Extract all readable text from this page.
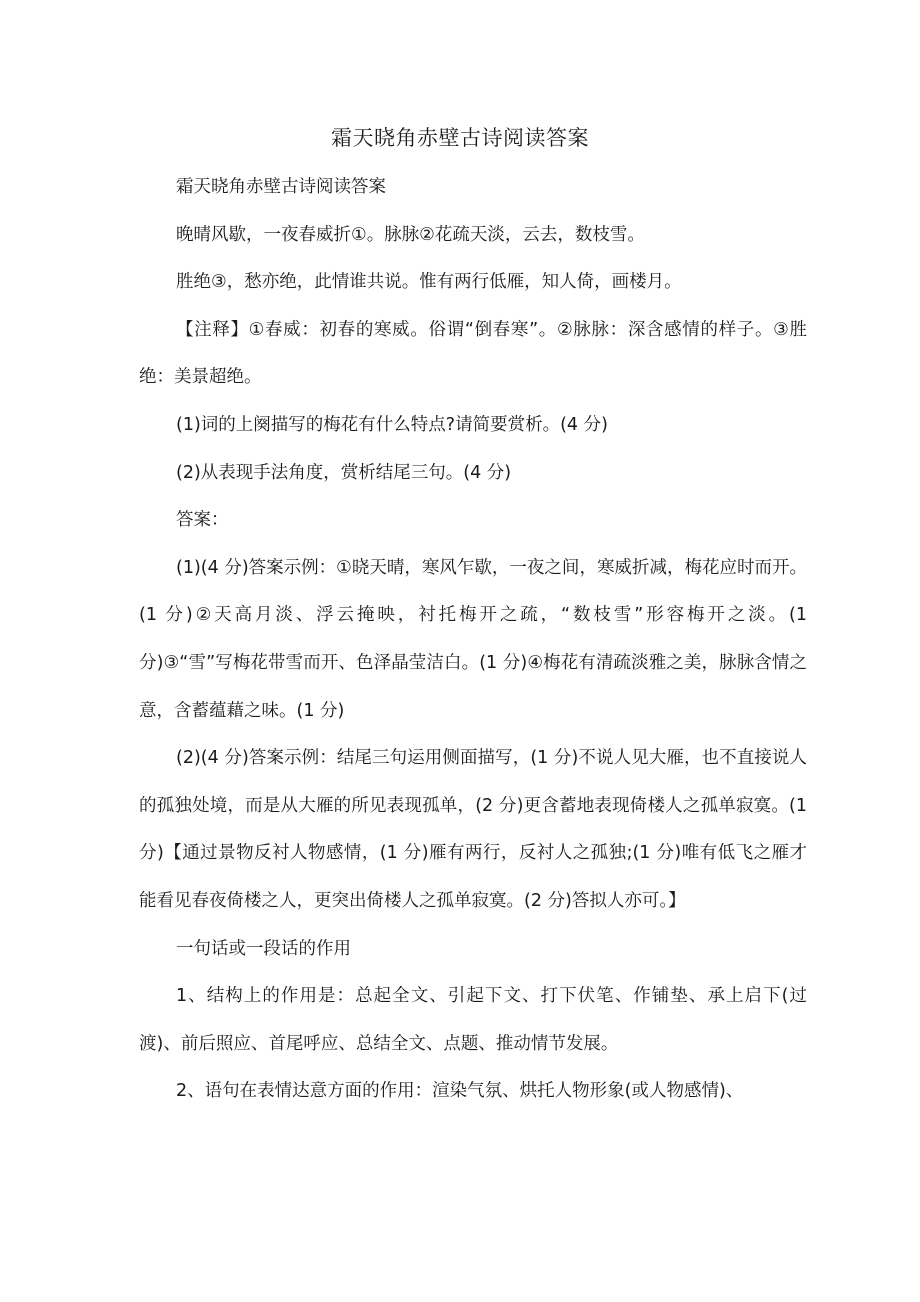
霜天晓角赤壁古诗阅读答案

霜天晓角赤壁古诗阅读答案

晚晴风歇，一夜春威折①。脉脉②花疏天淡，云去，数枝雪。

胜绝③，愁亦绝，此情谁共说。惟有两行低雁，知人倚，画楼月。

【注释】①春威：初春的寒威。俗谓“倒春寒”。②脉脉：深含感情的样子。③胜绝：美景超绝。

(1)词的上阕描写的梅花有什么特点?请简要赏析。(4 分)

(2)从表现手法角度，赏析结尾三句。(4 分)

答案：

(1)(4 分)答案示例：①晓天晴，寒风乍歇，一夜之间，寒威折减，梅花应时而开。(1 分)②天高月淡、浮云掩映，衬托梅开之疏，“数枝雪”形容梅开之淡。(1 分)③“雪”写梅花带雪而开、色泽晶莹洁白。(1 分)④梅花有清疏淡雅之美，脉脉含情之意，含蓄蕴藉之味。(1 分)

(2)(4 分)答案示例：结尾三句运用侧面描写，(1 分)不说人见大雁，也不直接说人的孤独处境，而是从大雁的所见表现孤单，(2 分)更含蓄地表现倚楼人之孤单寂寞。(1 分)【通过景物反衬人物感情，(1 分)雁有两行，反衬人之孤独;(1 分)唯有低飞之雁才能看见春夜倚楼之人，更突出倚楼人之孤单寂寞。(2 分)答拟人亦可。】

一句话或一段话的作用

1、结构上的作用是：总起全文、引起下文、打下伏笔、作铺垫、承上启下(过渡)、前后照应、首尾呼应、总结全文、点题、推动情节发展。

2、语句在表情达意方面的作用：渲染气氛、烘托人物形象(或人物感情)、
